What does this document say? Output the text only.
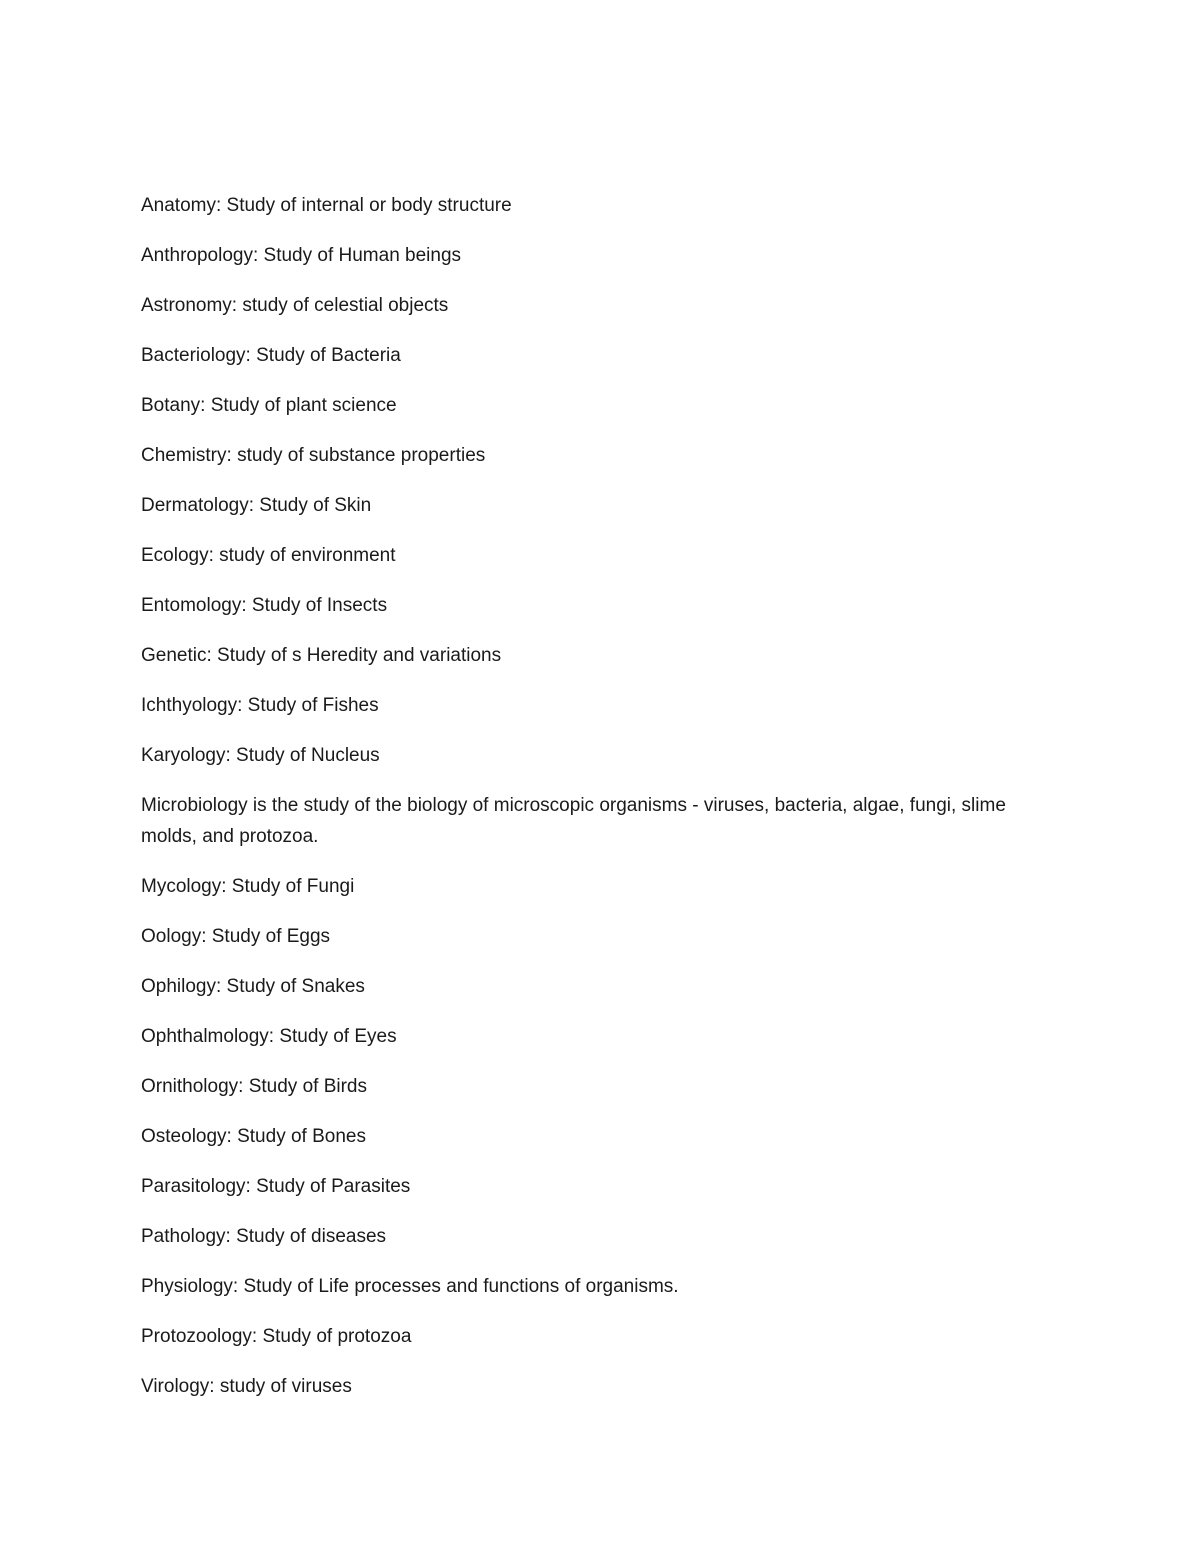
Anatomy: Study of internal or body structure

Anthropology: Study of Human beings

Astronomy: study of celestial objects

Bacteriology: Study of Bacteria

Botany: Study of plant science

Chemistry: study of substance properties

Dermatology: Study of Skin

Ecology: study of environment

Entomology: Study of Insects

Genetic: Study of s Heredity and variations

Ichthyology: Study of Fishes

Karyology: Study of Nucleus

Microbiology is the study of the biology of microscopic organisms - viruses, bacteria, algae, fungi, slime molds, and protozoa.

Mycology: Study of Fungi

Oology: Study of Eggs

Ophilogy: Study of Snakes

Ophthalmology: Study of Eyes

Ornithology: Study of Birds

Osteology: Study of Bones

Parasitology: Study of Parasites

Pathology: Study of diseases

Physiology: Study of Life processes and functions of organisms.

Protozoology: Study of protozoa

Virology: study of viruses
